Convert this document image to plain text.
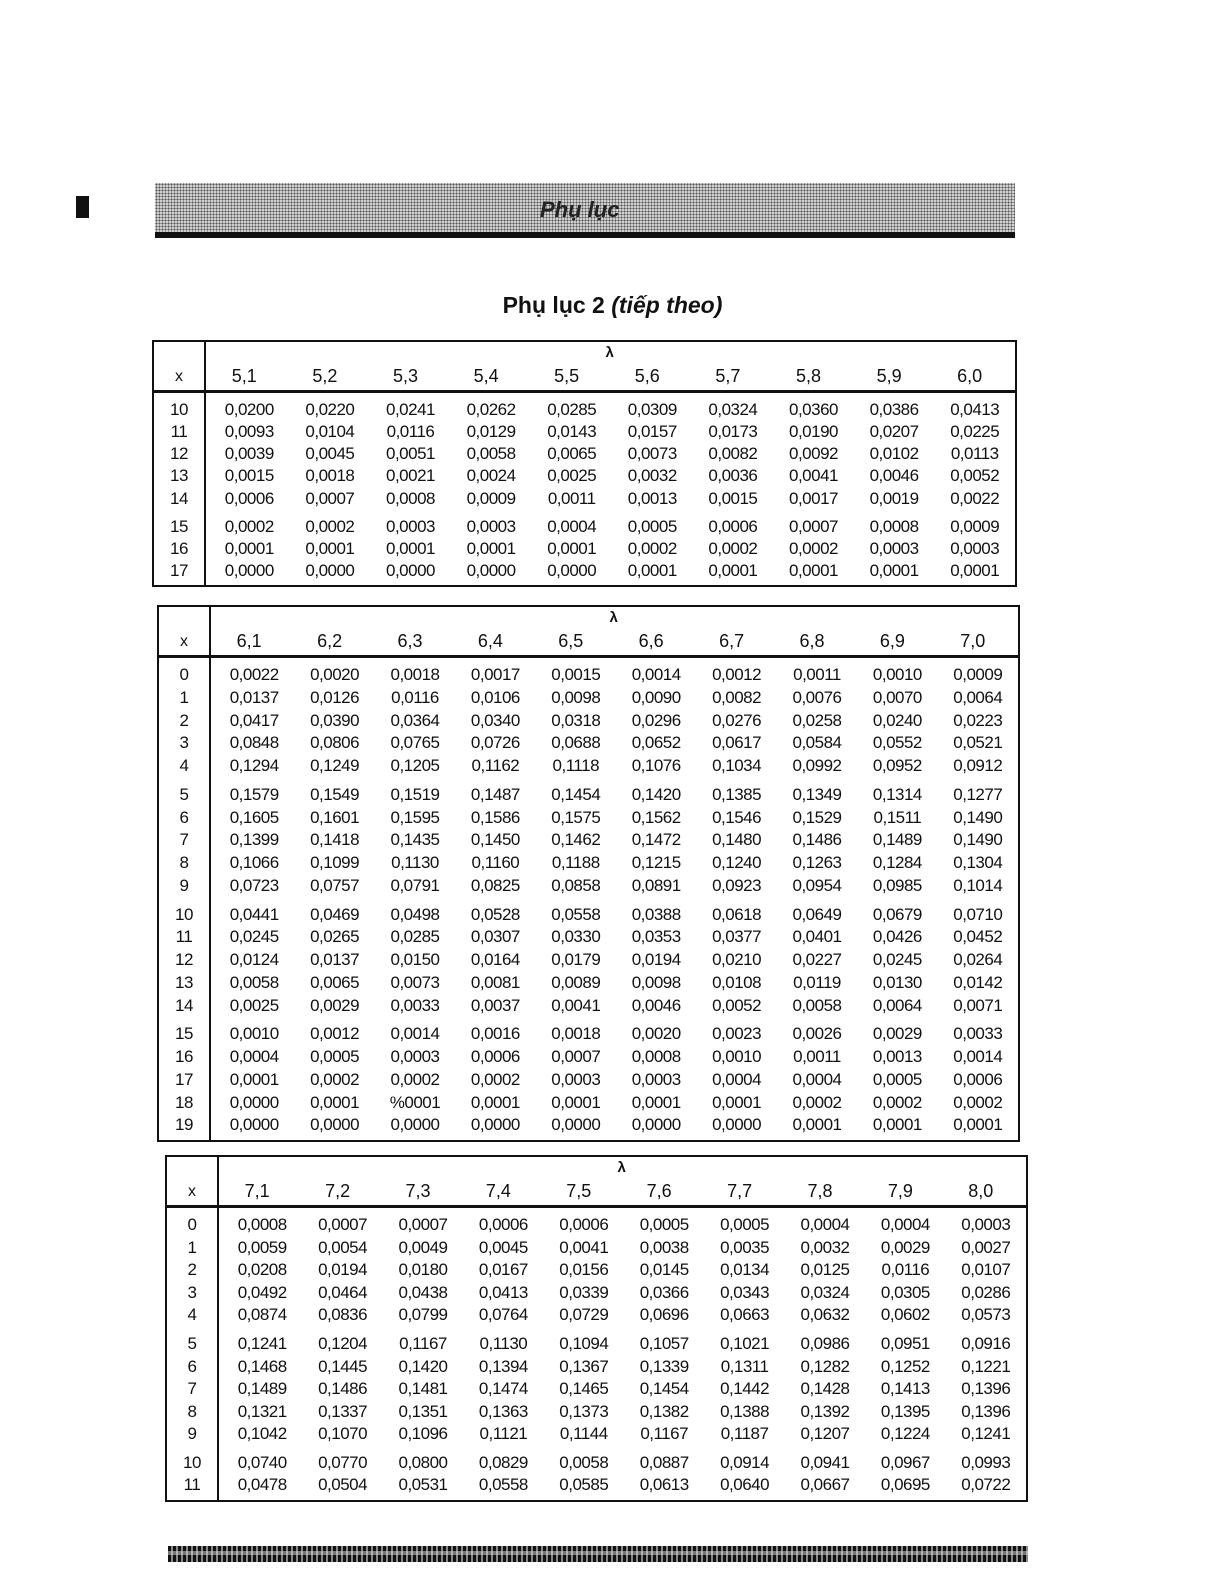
Phụ lục
Phụ lục 2 (tiếp theo)
λ
x	5,1	5,2	5,3	5,4	5,5	5,6	5,7	5,8	5,9	6,0
10	0,0200	0,0220	0,0241	0,0262	0,0285	0,0309	0,0324	0,0360	0,0386	0,0413
11	0,0093	0,0104	0,0116	0,0129	0,0143	0,0157	0,0173	0,0190	0,0207	0,0225
12	0,0039	0,0045	0,0051	0,0058	0,0065	0,0073	0,0082	0,0092	0,0102	0,0113
13	0,0015	0,0018	0,0021	0,0024	0,0025	0,0032	0,0036	0,0041	0,0046	0,0052
14	0,0006	0,0007	0,0008	0,0009	0,0011	0,0013	0,0015	0,0017	0,0019	0,0022
15	0,0002	0,0002	0,0003	0,0003	0,0004	0,0005	0,0006	0,0007	0,0008	0,0009
16	0,0001	0,0001	0,0001	0,0001	0,0001	0,0002	0,0002	0,0002	0,0003	0,0003
17	0,0000	0,0000	0,0000	0,0000	0,0000	0,0001	0,0001	0,0001	0,0001	0,0001
λ
x	6,1	6,2	6,3	6,4	6,5	6,6	6,7	6,8	6,9	7,0
0	0,0022	0,0020	0,0018	0,0017	0,0015	0,0014	0,0012	0,0011	0,0010	0,0009
1	0,0137	0,0126	0,0116	0,0106	0,0098	0,0090	0,0082	0,0076	0,0070	0,0064
2	0,0417	0,0390	0,0364	0,0340	0,0318	0,0296	0,0276	0,0258	0,0240	0,0223
3	0,0848	0,0806	0,0765	0,0726	0,0688	0,0652	0,0617	0,0584	0,0552	0,0521
4	0,1294	0,1249	0,1205	0,1162	0,1118	0,1076	0,1034	0,0992	0,0952	0,0912
5	0,1579	0,1549	0,1519	0,1487	0,1454	0,1420	0,1385	0,1349	0,1314	0,1277
6	0,1605	0,1601	0,1595	0,1586	0,1575	0,1562	0,1546	0,1529	0,1511	0,1490
7	0,1399	0,1418	0,1435	0,1450	0,1462	0,1472	0,1480	0,1486	0,1489	0,1490
8	0,1066	0,1099	0,1130	0,1160	0,1188	0,1215	0,1240	0,1263	0,1284	0,1304
9	0,0723	0,0757	0,0791	0,0825	0,0858	0,0891	0,0923	0,0954	0,0985	0,1014
10	0,0441	0,0469	0,0498	0,0528	0,0558	0,0388	0,0618	0,0649	0,0679	0,0710
11	0,0245	0,0265	0,0285	0,0307	0,0330	0,0353	0,0377	0,0401	0,0426	0,0452
12	0,0124	0,0137	0,0150	0,0164	0,0179	0,0194	0,0210	0,0227	0,0245	0,0264
13	0,0058	0,0065	0,0073	0,0081	0,0089	0,0098	0,0108	0,0119	0,0130	0,0142
14	0,0025	0,0029	0,0033	0,0037	0,0041	0,0046	0,0052	0,0058	0,0064	0,0071
15	0,0010	0,0012	0,0014	0,0016	0,0018	0,0020	0,0023	0,0026	0,0029	0,0033
16	0,0004	0,0005	0,0003	0,0006	0,0007	0,0008	0,0010	0,0011	0,0013	0,0014
17	0,0001	0,0002	0,0002	0,0002	0,0003	0,0003	0,0004	0,0004	0,0005	0,0006
18	0,0000	0,0001	%0001	0,0001	0,0001	0,0001	0,0001	0,0002	0,0002	0,0002
19	0,0000	0,0000	0,0000	0,0000	0,0000	0,0000	0,0000	0,0001	0,0001	0,0001
λ
x	7,1	7,2	7,3	7,4	7,5	7,6	7,7	7,8	7,9	8,0
0	0,0008	0,0007	0,0007	0,0006	0,0006	0,0005	0,0005	0,0004	0,0004	0,0003
1	0,0059	0,0054	0,0049	0,0045	0,0041	0,0038	0,0035	0,0032	0,0029	0,0027
2	0,0208	0,0194	0,0180	0,0167	0,0156	0,0145	0,0134	0,0125	0,0116	0,0107
3	0,0492	0,0464	0,0438	0,0413	0,0339	0,0366	0,0343	0,0324	0,0305	0,0286
4	0,0874	0,0836	0,0799	0,0764	0,0729	0,0696	0,0663	0,0632	0,0602	0,0573
5	0,1241	0,1204	0,1167	0,1130	0,1094	0,1057	0,1021	0,0986	0,0951	0,0916
6	0,1468	0,1445	0,1420	0,1394	0,1367	0,1339	0,1311	0,1282	0,1252	0,1221
7	0,1489	0,1486	0,1481	0,1474	0,1465	0,1454	0,1442	0,1428	0,1413	0,1396
8	0,1321	0,1337	0,1351	0,1363	0,1373	0,1382	0,1388	0,1392	0,1395	0,1396
9	0,1042	0,1070	0,1096	0,1121	0,1144	0,1167	0,1187	0,1207	0,1224	0,1241
10	0,0740	0,0770	0,0800	0,0829	0,0058	0,0887	0,0914	0,0941	0,0967	0,0993
11	0,0478	0,0504	0,0531	0,0558	0,0585	0,0613	0,0640	0,0667	0,0695	0,0722
